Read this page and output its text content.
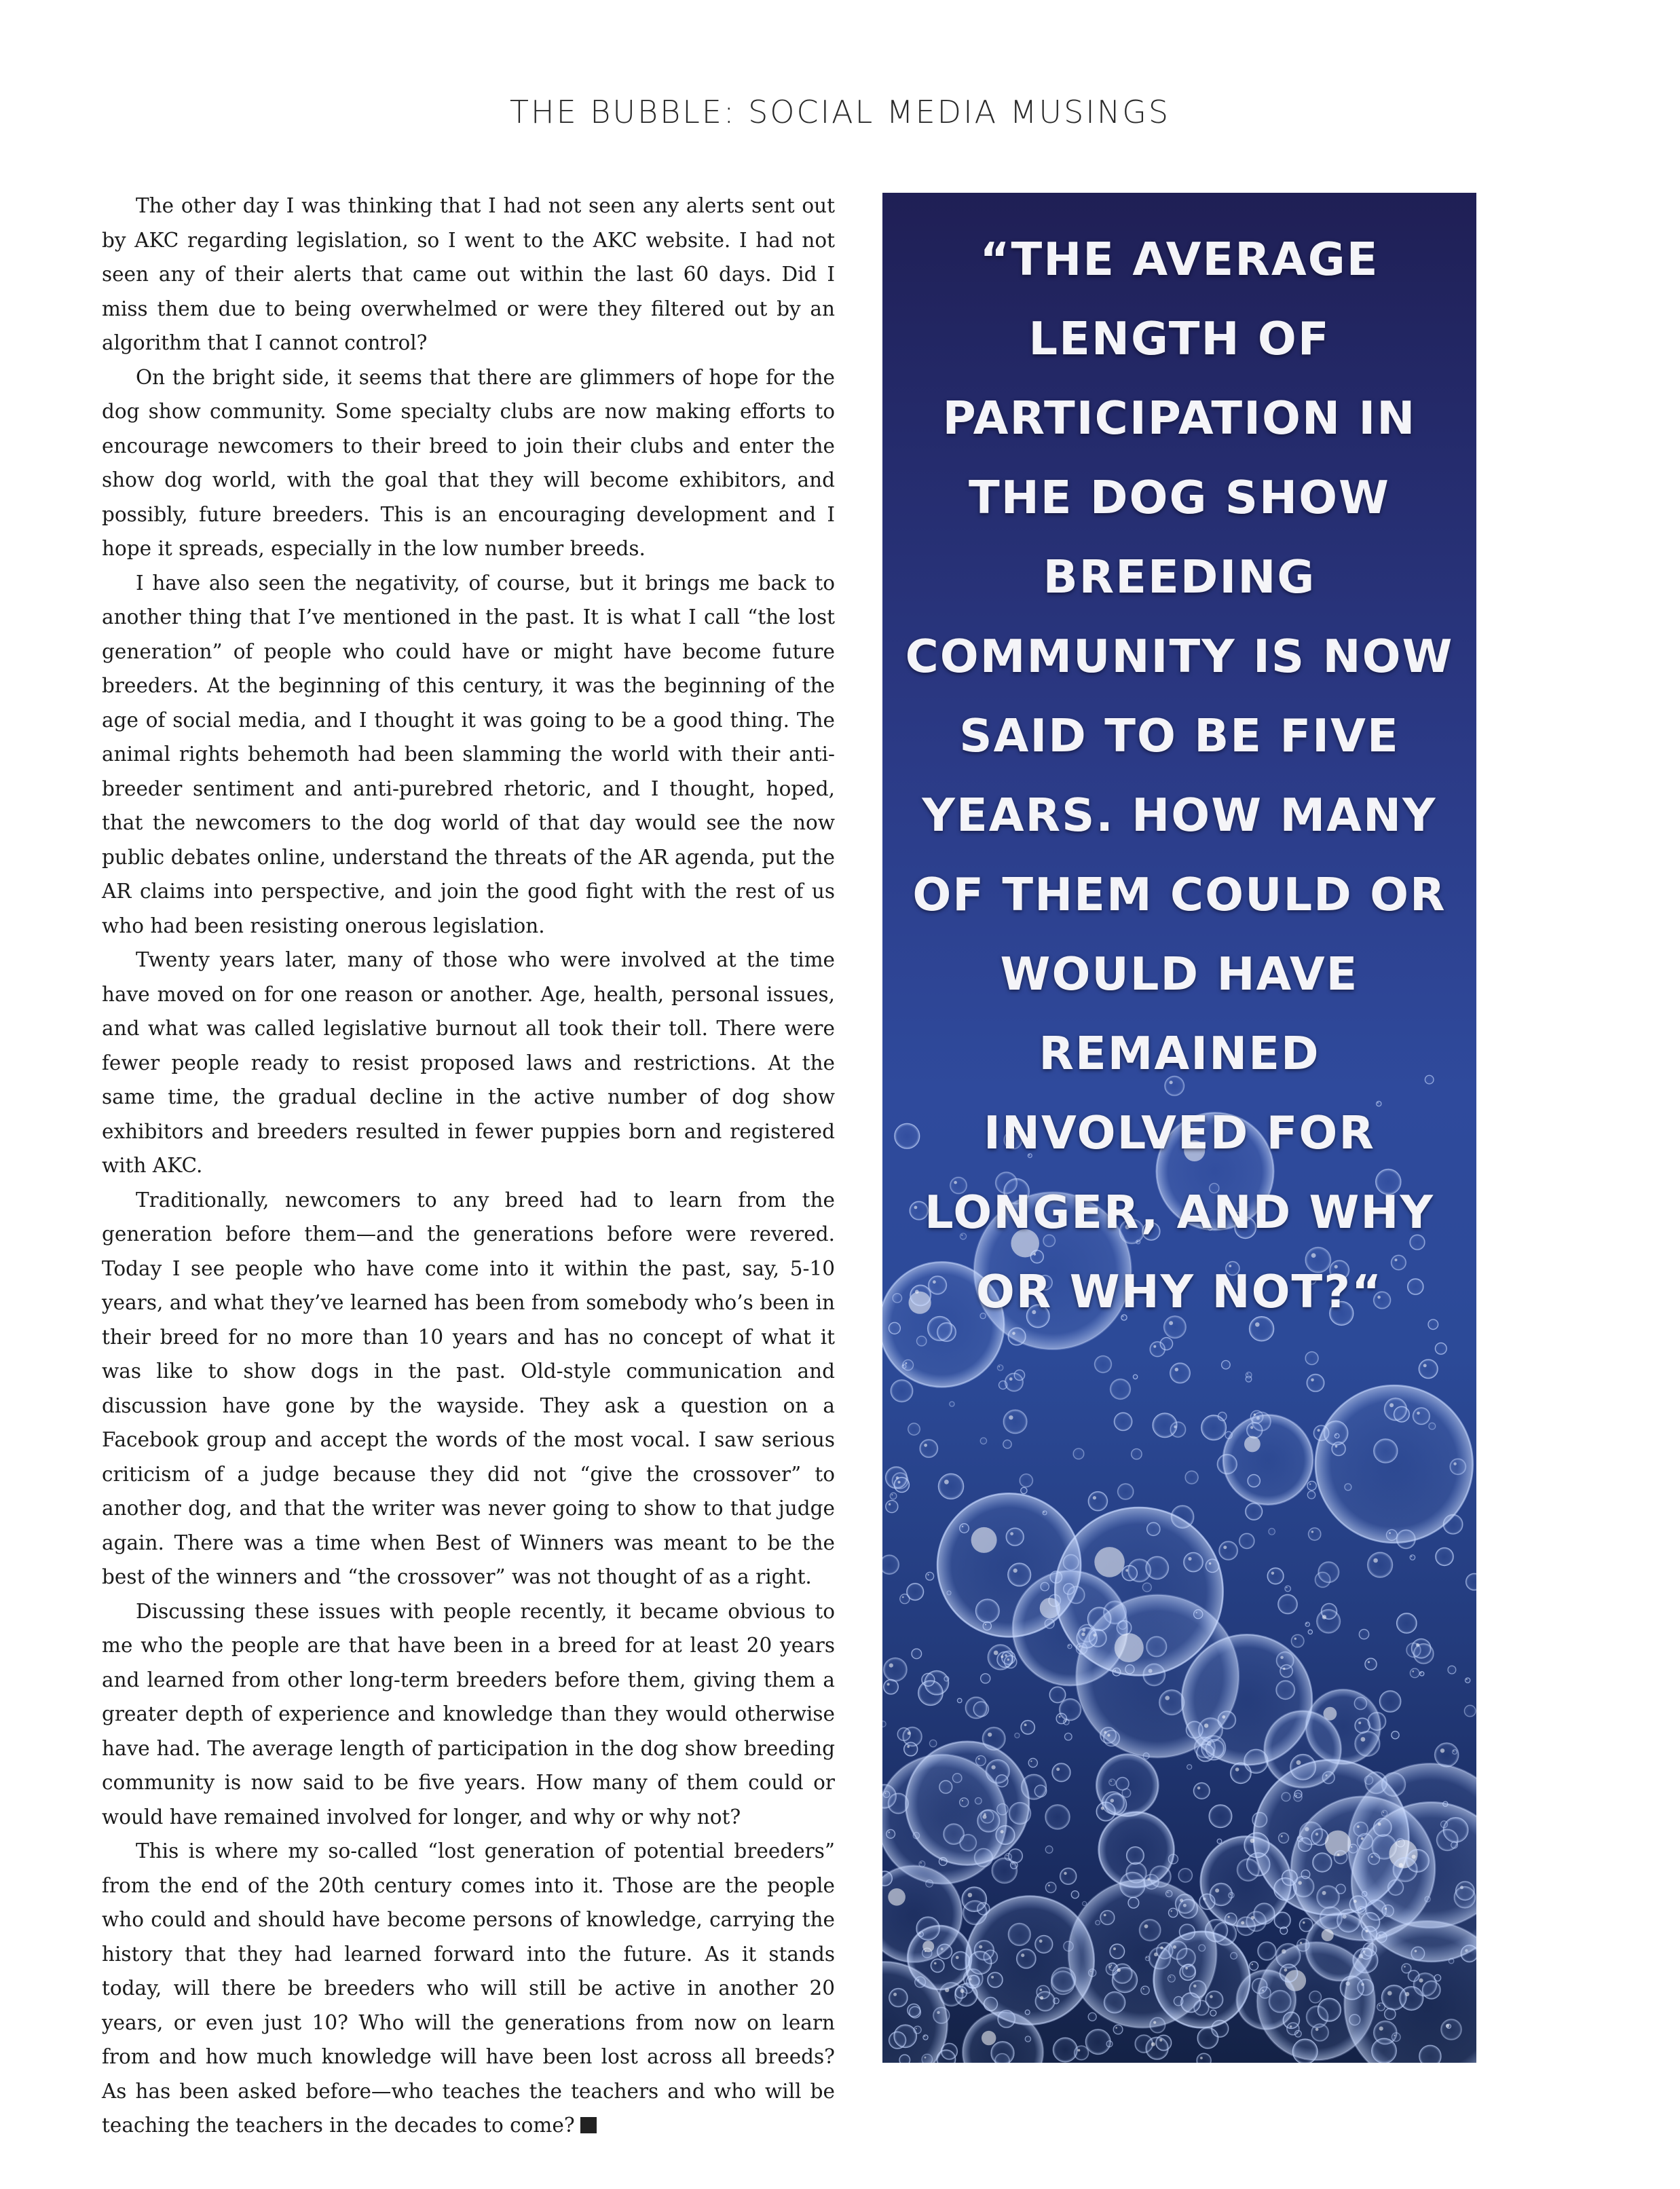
THE BUBBLE: SOCIAL MEDIA MUSINGS

The other day I was thinking that I had not seen any alerts sent out by AKC regarding legislation, so I went to the AKC website. I had not seen any of their alerts that came out within the last 60 days. Did I miss them due to being overwhelmed or were they filtered out by an algorithm that I cannot control?

On the bright side, it seems that there are glimmers of hope for the dog show community. Some specialty clubs are now making efforts to encourage newcomers to their breed to join their clubs and enter the show dog world, with the goal that they will become exhibitors, and possibly, future breeders. This is an encouraging development and I hope it spreads, especially in the low number breeds.

I have also seen the negativity, of course, but it brings me back to another thing that I’ve mentioned in the past. It is what I call “the lost generation” of people who could have or might have become future breeders. At the beginning of this century, it was the beginning of the age of social media, and I thought it was going to be a good thing. The animal rights behemoth had been slamming the world with their anti-breeder sentiment and anti-purebred rhetoric, and I thought, hoped, that the newcomers to the dog world of that day would see the now public debates online, understand the threats of the AR agenda, put the AR claims into perspective, and join the good fight with the rest of us who had been resisting onerous legislation.

Twenty years later, many of those who were involved at the time have moved on for one reason or another. Age, health, personal issues, and what was called legislative burnout all took their toll. There were fewer people ready to resist proposed laws and restrictions. At the same time, the gradual decline in the active number of dog show exhibitors and breeders resulted in fewer puppies born and registered with AKC.

Traditionally, newcomers to any breed had to learn from the generation before them—and the generations before were revered. Today I see people who have come into it within the past, say, 5-10 years, and what they’ve learned has been from somebody who’s been in their breed for no more than 10 years and has no concept of what it was like to show dogs in the past. Old-style communication and discussion have gone by the wayside. They ask a question on a Facebook group and accept the words of the most vocal. I saw serious criticism of a judge because they did not “give the crossover” to another dog, and that the writer was never going to show to that judge again. There was a time when Best of Winners was meant to be the best of the winners and “the crossover” was not thought of as a right.

Discussing these issues with people recently, it became obvious to me who the people are that have been in a breed for at least 20 years and learned from other long-term breeders before them, giving them a greater depth of experience and knowledge than they would otherwise have had. The average length of participation in the dog show breeding community is now said to be five years. How many of them could or would have remained involved for longer, and why or why not?

This is where my so-called “lost generation of potential breeders” from the end of the 20th century comes into it. Those are the people who could and should have become persons of knowledge, carrying the history that they had learned forward into the future. As it stands today, will there be breeders who will still be active in another 20 years, or even just 10? Who will the generations from now on learn from and how much knowledge will have been lost across all breeds? As has been asked before—who teaches the teachers and who will be teaching the teachers in the decades to come?

“THE AVERAGE LENGTH OF PARTICIPATION IN THE DOG SHOW BREEDING COMMUNITY IS NOW SAID TO BE FIVE YEARS. HOW MANY OF THEM COULD OR WOULD HAVE REMAINED INVOLVED FOR LONGER, AND WHY OR WHY NOT?“
